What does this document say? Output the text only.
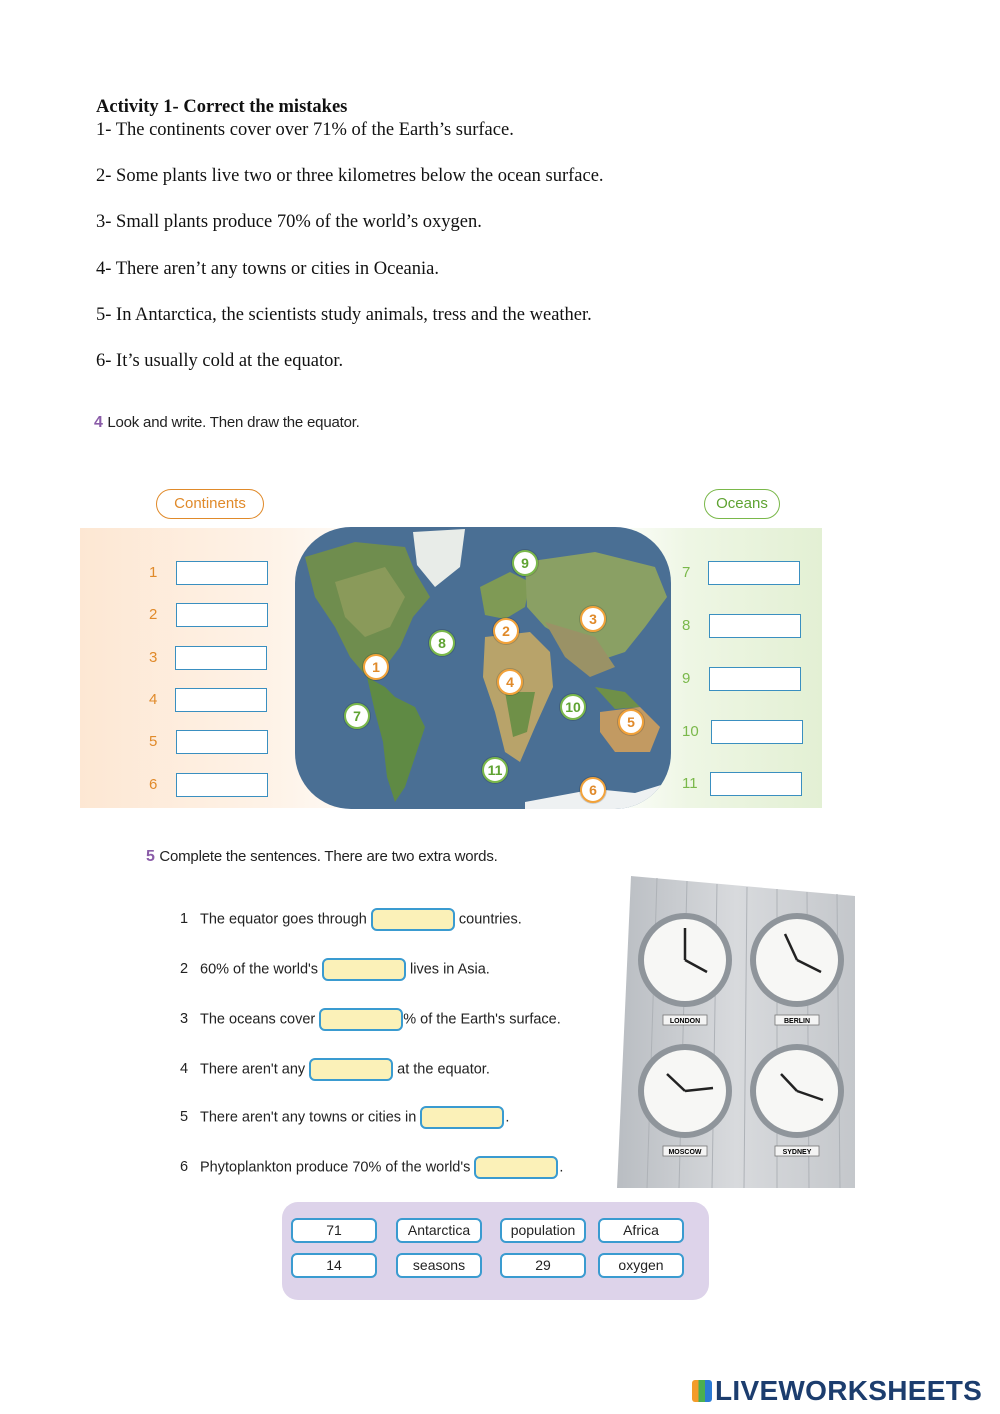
Activity 1- Correct the mistakes
1- The continents cover over 71% of the Earth’s surface.
2- Some plants live two or three kilometres below the ocean surface.
3- Small plants produce 70% of the world’s oxygen.
4- There aren’t any towns or cities in Oceania.
5- In Antarctica, the scientists study animals, tress and the weather.
6- It’s usually cold at the equator.
4 Look and write. Then draw the equator.
Continents	Oceans
1
2
3
4
5
6
7
8
9
10
11
1
2
3
4
5
6
7
8
9
10
11
5 Complete the sentences. There are two extra words.
1 The equator goes through	countries.
2 60% of the world's	lives in Asia.
3 The oceans cover	% of the Earth's surface.
4 There aren't any	at the equator.
5 There aren't any towns or cities in	.
6 Phytoplankton produce 70% of the world's	.
LONDON	BERLIN
MOSCOW	SYDNEY
71	Antarctica	population	Africa
14	seasons	29	oxygen
LIVEWORKSHEETS
